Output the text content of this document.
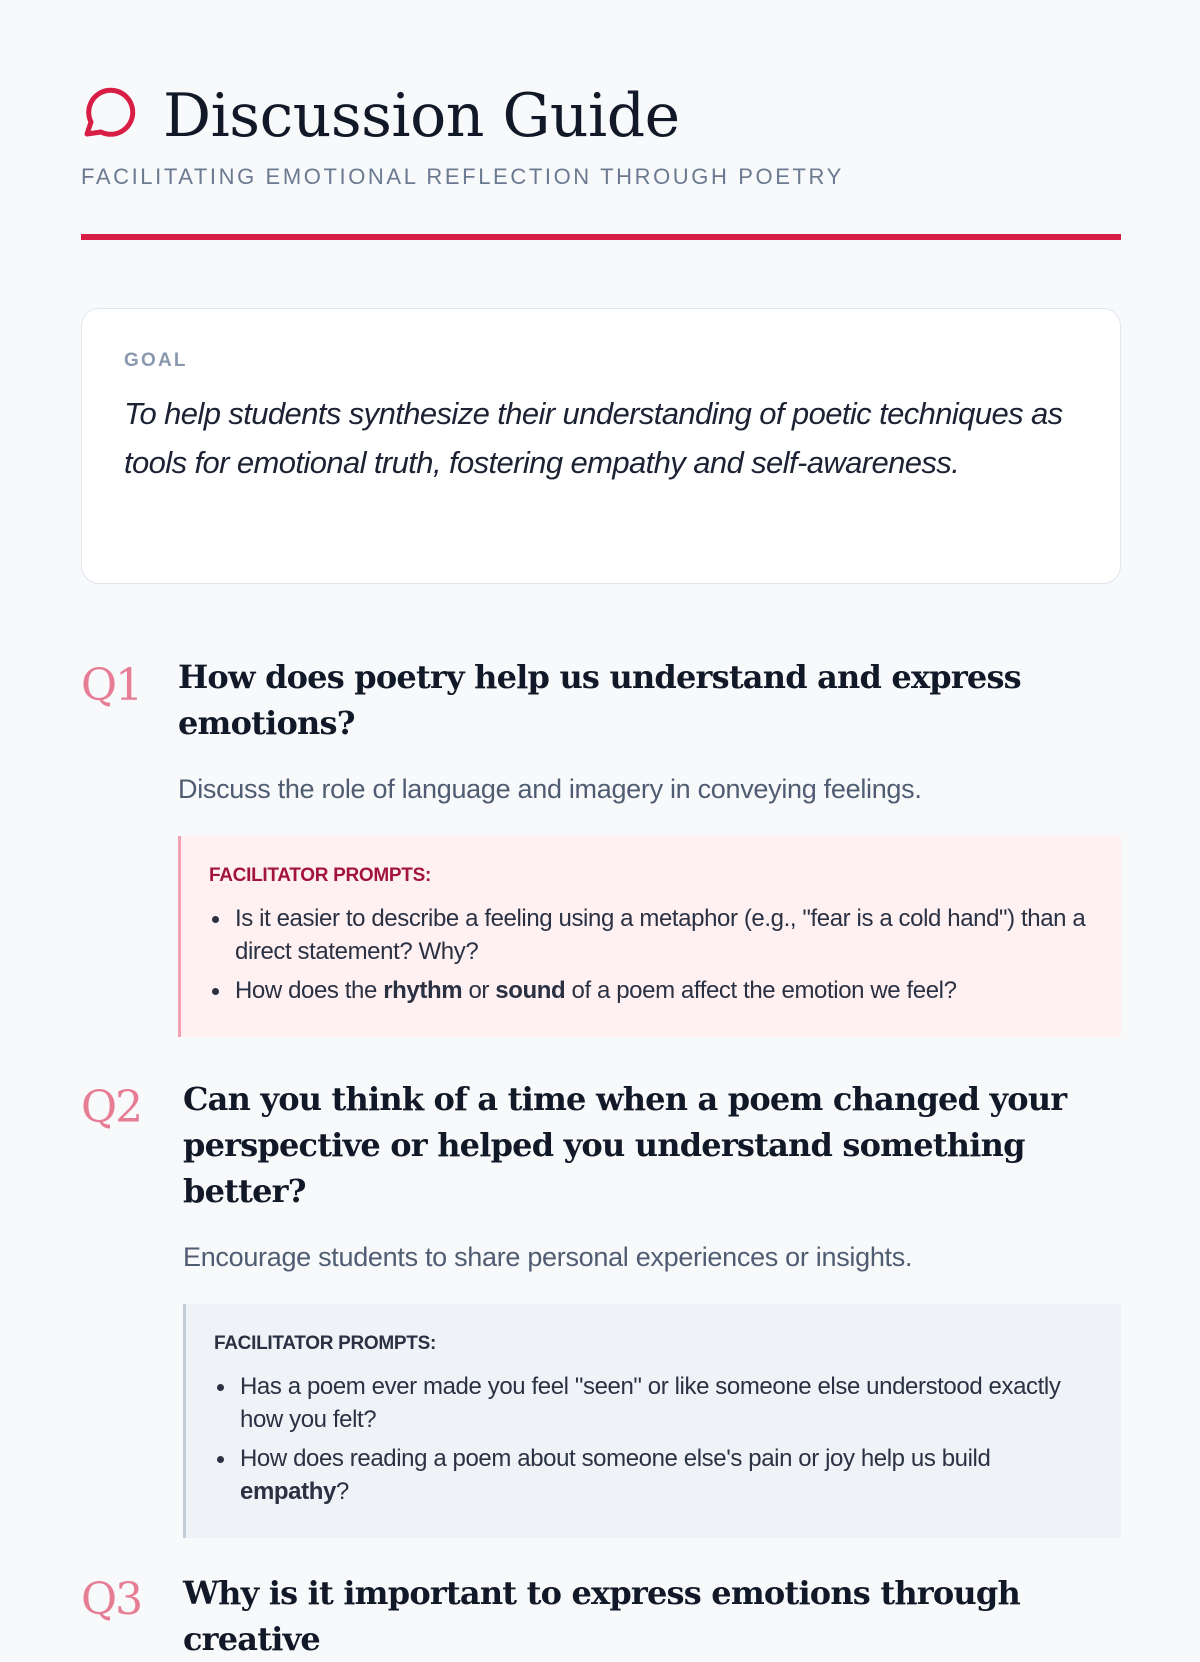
Discussion Guide
FACILITATING EMOTIONAL REFLECTION THROUGH POETRY
GOAL

To help students synthesize their understanding of poetic techniques as tools for emotional truth, fostering empathy and self-awareness.

Q1 How does poetry help us understand and express emotions?

Discuss the role of language and imagery in conveying feelings.

FACILITATOR PROMPTS:
Is it easier to describe a feeling using a metaphor (e.g., "fear is a cold hand") than a direct statement? Why?
How does the rhythm or sound of a poem affect the emotion we feel?
Q2 Can you think of a time when a poem changed your perspective or helped you understand something better?

Encourage students to share personal experiences or insights.

FACILITATOR PROMPTS:
Has a poem ever made you feel "seen" or like someone else understood exactly how you felt?
How does reading a poem about someone else's pain or joy help us build empathy?
Q3 Why is it important to express emotions through creative
